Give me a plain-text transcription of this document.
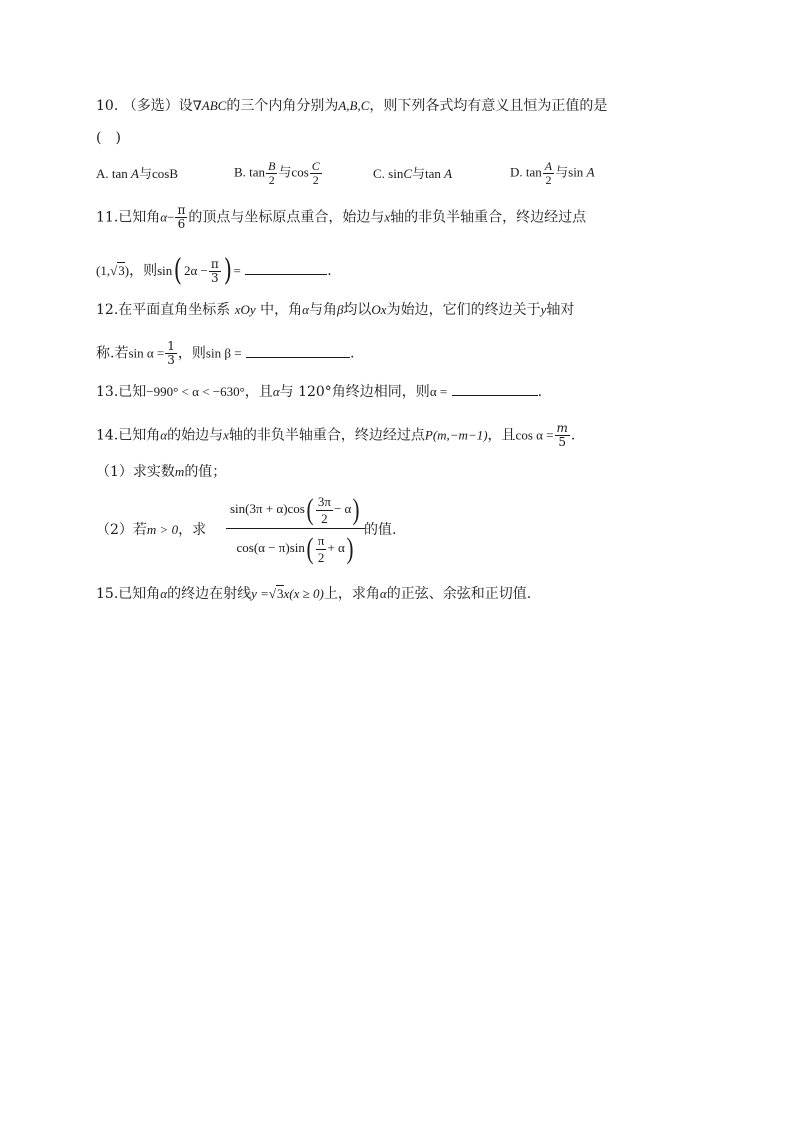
10. （多选）设∇ABC的三个内角分别为A,B,C，则下列各式均有意义且恒为正值的是
(　)
A. tan A与cosB	B. $\tan \frac{B}{2}$ 与$\cos \frac{C}{2}$	C. sinC与tan A	D. $\tan \frac{A}{2}$ 与sin A
11.已知角$\alpha- \frac{\pi}{6}$ 的顶点与坐标原点重合，始边与x轴的非负半轴重合，终边经过点
(1,√3)，则sin( $2\alpha - \frac{\pi}{3}$ ) =	.
12.在平面直角坐标系 xOy 中，角α与角β均以Ox为始边，它们的终边关于y轴对
称.若$\sin \alpha = \frac{1}{3}$ ，则sin β =	.
13.已知−990° < α < −630°，且α与 120°角终边相同，则α =	.
14.已知角α的始边与x轴的非负半轴重合，终边经过点P(m,−m−1)，且$\cos \alpha = \frac{m}{5}$ .
（1）求实数m的值；
（2）若m > 0，求 $\frac{\sin(3\pi + \alpha)\cos( \frac{3\pi}{2} - \alpha)}{\cos(\alpha - \pi)\sin( \frac{\pi}{2} + \alpha)}$
的值.
15.已知角α的终边在射线y =√3x(x ≥ 0)上，求角α的正弦、余弦和正切值.
